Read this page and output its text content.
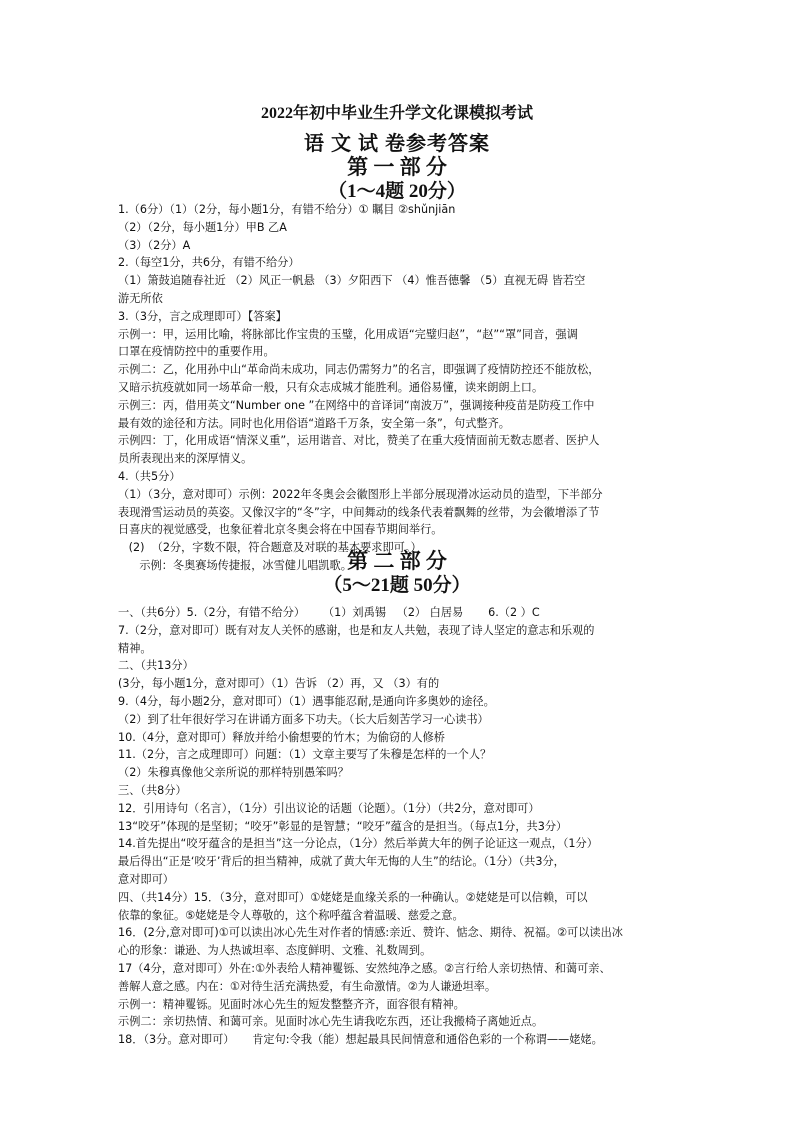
2022年初中毕业生升学文化课模拟考试
语 文 试 卷参考答案
第 一 部 分
（1～4题 20分）

1.（6分）（1）（2分，每小题1分，有错不给分）① 瞩目 ②shǔnjiān

（2）（2分，每小题1分）甲B 乙A

（3）（2分）A

2.（每空1分，共6分，有错不给分）

（1）箫鼓追随春社近 （2）风正一帆悬 （3）夕阳西下 （4）惟吾德馨 （5）直视无碍 皆若空

游无所依

3.（3分，言之成理即可）【答案】

示例一：甲，运用比喻，将脉部比作宝贵的玉璧，化用成语“完璧归赵”，“赵”“罩”同音，强调

口罩在疫情防控中的重要作用。

示例二：乙，化用孙中山“革命尚未成功，同志仍需努力”的名言，即强调了疫情防控还不能放松，

又暗示抗疫就如同一场革命一般，只有众志成城才能胜利。通俗易懂，读来朗朗上口。

示例三：丙，借用英文“Number one ”在网络中的音译词“南波万”，强调接种疫苗是防疫工作中

最有效的途径和方法。同时也化用俗语“道路千万条，安全第一条”，句式整齐。

示例四：丁，化用成语“情深义重”，运用谐音、对比，赞美了在重大疫情面前无数志愿者、医护人

员所表现出来的深厚情义。

4.（共5分）

（1）（3分，意对即可）示例：2022年冬奥会会徽图形上半部分展现滑冰运动员的造型，下半部分

表现滑雪运动员的英姿。又像汉字的“冬”字，中间舞动的线条代表着飘舞的丝带，为会徽增添了节

日喜庆的视觉感受，也象征着北京冬奥会将在中国春节期间举行。

(2)  （2分，字数不限，符合题意及对联的基本要求即可。）

示例：冬奥赛场传捷报，冰雪健儿唱凯歌。

第 二 部 分
（5～21题 50分）

一、（共6分）5.（2分，有错不给分）     （1）刘禹锡   （2） 白居易       6.（2 ）C

7.（2分，意对即可）既有对友人关怀的感谢，也是和友人共勉，表现了诗人坚定的意志和乐观的

精神。

二、（共13分）

(3分，每小题1分，意对即可）（1）告诉 （2）再，又 （3）有的

9.（4分，每小题2分，意对即可）（1）遇事能忍耐,是通向许多奥妙的途径。

（2）到了壮年很好学习在讲诵方面多下功夫。（长大后刻苦学习一心读书）

10.（4分，意对即可）释放并给小偷想要的竹木；为偷窃的人修桥

11.（2分，言之成理即可）问题：（1）文章主要写了朱穆是怎样的一个人？

（2）朱穆真像他父亲所说的那样特别愚笨吗？

三、（共8分）

12．引用诗句（名言），（1分）引出议论的话题（论题）。（1分）（共2分，意对即可）

13“咬牙”体现的是坚韧；“咬牙”彰显的是智慧；“咬牙”蕴含的是担当。（每点1分，共3分）

14.首先提出“咬牙蕴含的是担当”这一分论点，（1分）然后举黄大年的例子论证这一观点，（1分）

最后得出“正是‘咬牙’背后的担当精神，成就了黄大年无悔的人生”的结论。（1分）（共3分，

意对即可）

四、（共14分）15．（3分，意对即可）①姥姥是血缘关系的一种确认。②姥姥是可以信赖，可以

依靠的象征。⑤姥姥是令人尊敬的，这个称呼蕴含着温暖、慈爱之意。

16．(2分,意对即可)①可以读出冰心先生对作者的情感:亲近、赞许、惦念、期待、祝福。②可以读出冰

心的形象：谦逊、为人热诚坦率、态度鲜明、文雅、礼数周到。

17（4分，意对即可）外在:①外表给人精神矍铄、安然纯净之感。②言行给人亲切热情、和蔼可亲、

善解人意之感。内在：①对待生活充满热爱，有生命激情。②为人谦逊坦率。

示例一：精神矍铄。见面时冰心先生的短发整整齐齐，面容很有精神。

示例二：亲切热情、和蔼可亲。见面时冰心先生请我吃东西，还让我搬椅子离她近点。

18．（3分。意对即可）     肯定句:令我（能）想起最具民间情意和通俗色彩的一个称谓——姥姥。
